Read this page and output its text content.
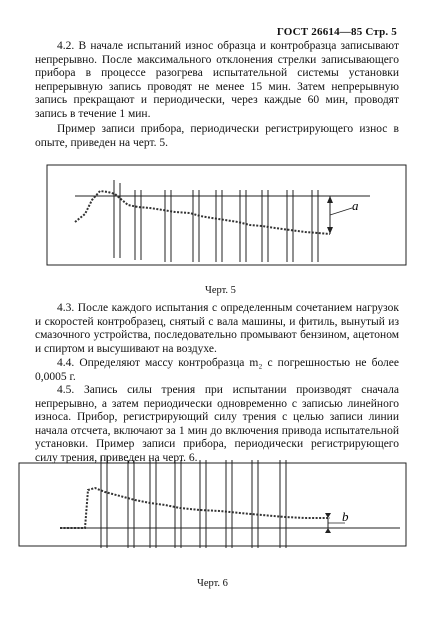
ГОСТ 26614—85 Стр. 5
4.2. В начале испытаний износ образца и контробразца записывают непрерывно. После максимального отклонения стрелки записывающего прибора в процессе разогрева испытательной системы установки непрерывную запись проводят не менее 15 мин. Затем непрерывную запись прекращают и периодически, через каждые 60 мин, проводят запись в течение 1 мин.
Пример записи прибора, периодически регистрирующего износ в опыте, приведен на черт. 5.
a
b
Черт. 5
4.3. После каждого испытания с определенным сочетанием нагрузок и скоростей контробразец, снятый с вала машины, и фитиль, вынутый из смазочного устройства, последовательно промывают бензином, ацетоном и спиртом и высушивают на воздухе.
4.4. Определяют массу контробразца m₂ с погрешностью не более 0,0005 г.
4.5. Запись силы трения при испытании производят сначала непрерывно, а затем периодически одновременно с записью линейного износа. Прибор, регистрирующий силу трения с целью записи линии начала отсчета, включают за 1 мин до включения привода испытательной установки. Пример записи прибора, периодически регистрирующего силу трения, приведен на черт. 6.
Черт. 6
